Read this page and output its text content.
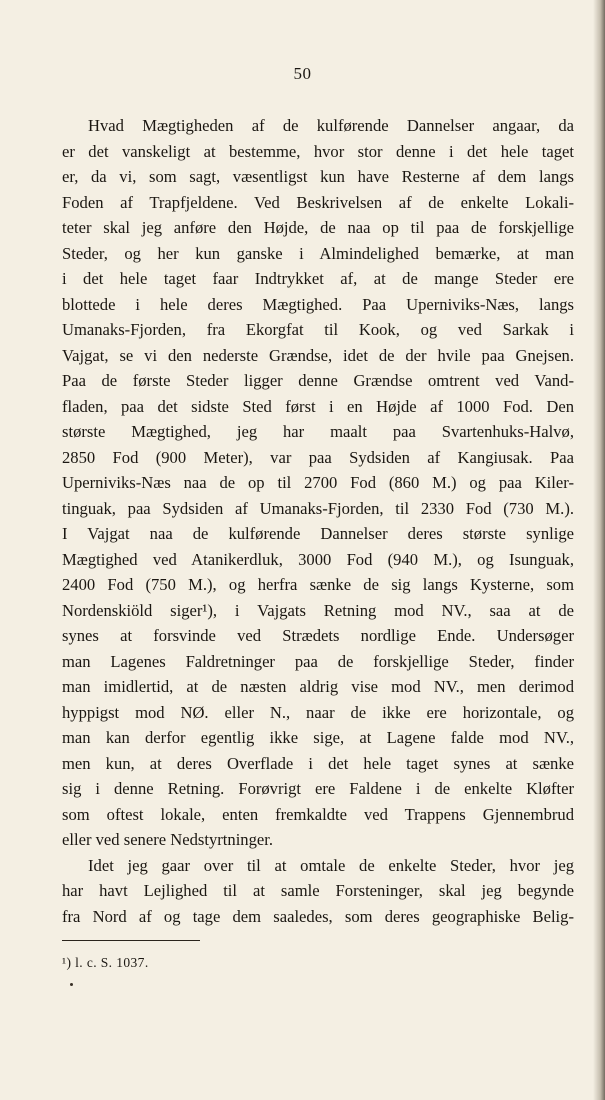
50
Hvad Mægtigheden af de kulførende Dannelser angaar, da
er det vanskeligt at bestemme, hvor stor denne i det hele taget
er, da vi, som sagt, væsentligst kun have Resterne af dem langs
Foden af Trapfjeldene. Ved Beskrivelsen af de enkelte Lokali-
teter skal jeg anføre den Højde, de naa op til paa de forskjellige
Steder, og her kun ganske i Almindelighed bemærke, at man
i det hele taget faar Indtrykket af, at de mange Steder ere
blottede i hele deres Mægtighed. Paa Uperniviks-Næs, langs
Umanaks-Fjorden, fra Ekorgfat til Kook, og ved Sarkak i
Vajgat, se vi den nederste Grændse, idet de der hvile paa Gnejsen.
Paa de første Steder ligger denne Grændse omtrent ved Vand-
fladen, paa det sidste Sted først i en Højde af 1000 Fod. Den
største Mægtighed, jeg har maalt paa Svartenhuks-Halvø,
2850 Fod (900 Meter), var paa Sydsiden af Kangiusak. Paa
Uperniviks-Næs naa de op til 2700 Fod (860 M.) og paa Kiler-
tinguak, paa Sydsiden af Umanaks-Fjorden, til 2330 Fod (730 M.).
I Vajgat naa de kulførende Dannelser deres største synlige
Mægtighed ved Atanikerdluk, 3000 Fod (940 M.), og Isunguak,
2400 Fod (750 M.), og herfra sænke de sig langs Kysterne, som
Nordenskiöld siger¹), i Vajgats Retning mod NV., saa at de
synes at forsvinde ved Strædets nordlige Ende. Undersøger
man Lagenes Faldretninger paa de forskjellige Steder, finder
man imidlertid, at de næsten aldrig vise mod NV., men derimod
hyppigst mod NØ. eller N., naar de ikke ere horizontale, og
man kan derfor egentlig ikke sige, at Lagene falde mod NV.,
men kun, at deres Overflade i det hele taget synes at sænke
sig i denne Retning. Forøvrigt ere Faldene i de enkelte Kløfter
som oftest lokale, enten fremkaldte ved Trappens Gjennembrud
eller ved senere Nedstyrtninger.
Idet jeg gaar over til at omtale de enkelte Steder, hvor jeg
har havt Lejlighed til at samle Forsteninger, skal jeg begynde
fra Nord af og tage dem saaledes, som deres geographiske Belig-
¹) l. c. S. 1037.
